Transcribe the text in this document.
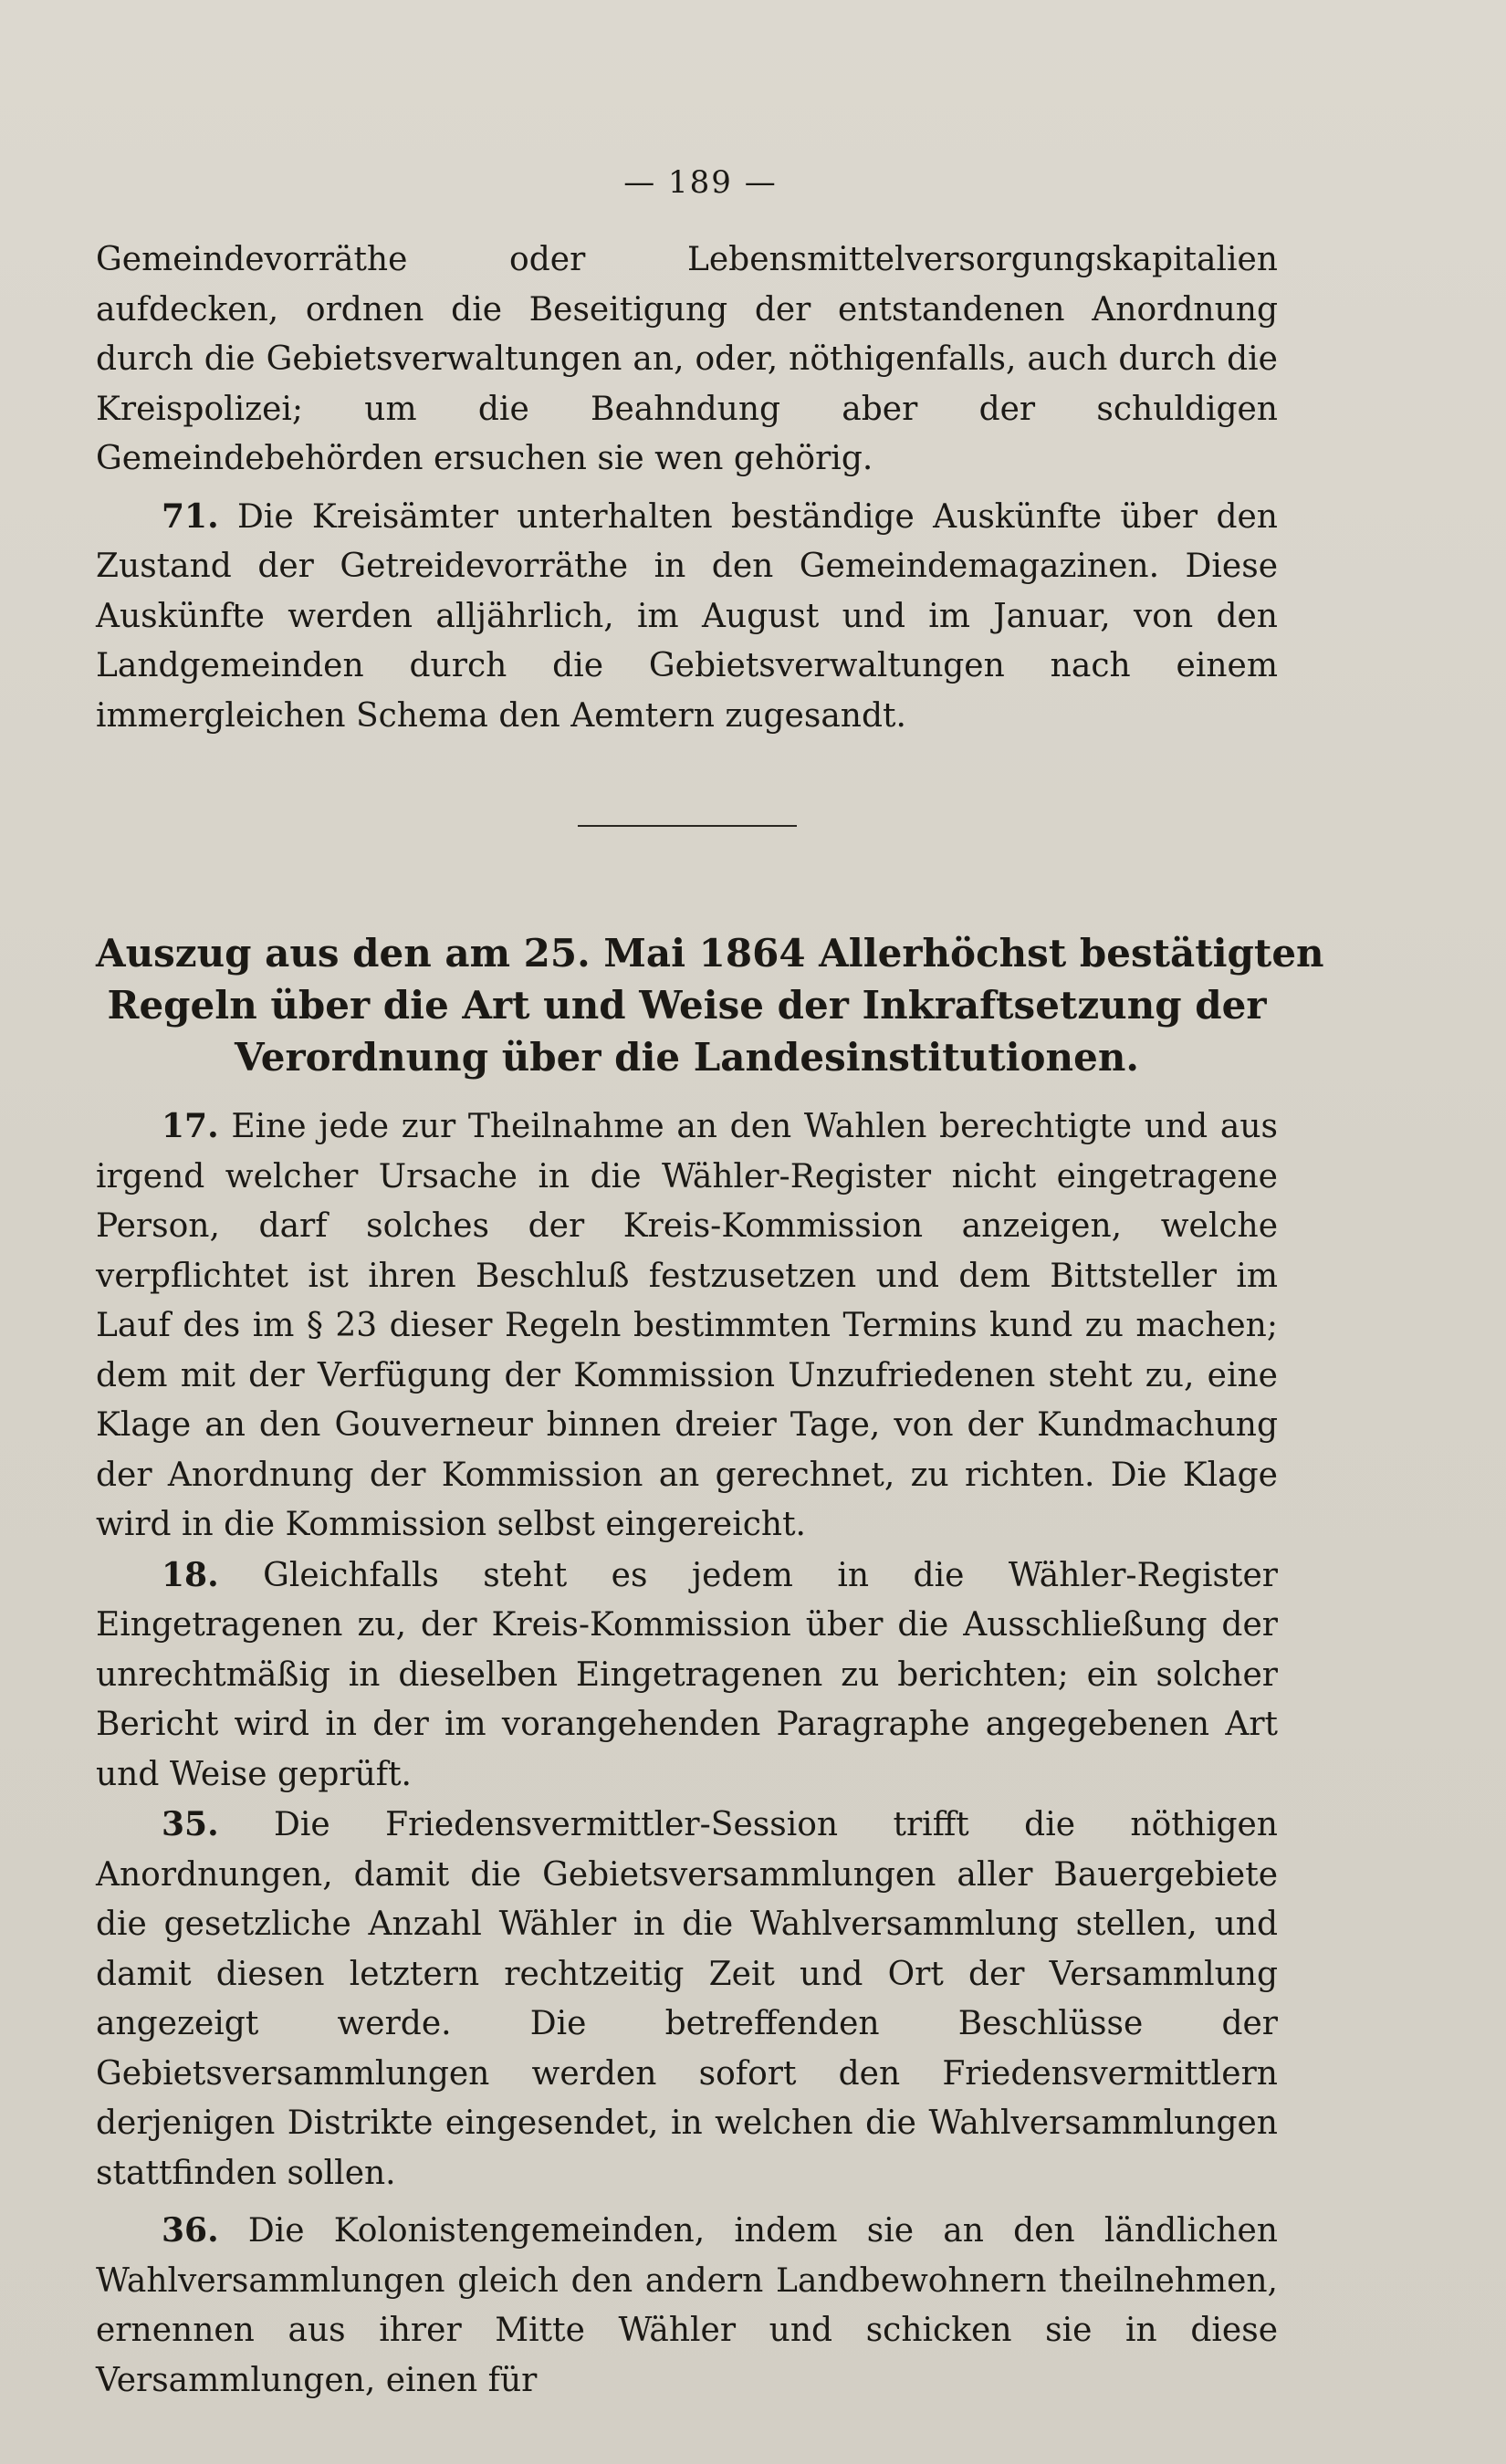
— 189 —

Gemeindevorräthe oder Lebensmittelversorgungskapitalien aufdecken, ordnen die Beseitigung der entstandenen Anordnung durch die Gebietsverwaltungen an, oder, nöthigenfalls, auch durch die Kreispolizei; um die Beahndung aber der schuldigen Gemeindebehörden ersuchen sie wen gehörig.

71. Die Kreisämter unterhalten beständige Auskünfte über den Zustand der Getreidevorräthe in den Gemeindemagazinen. Diese Auskünfte werden alljährlich, im August und im Januar, von den Landgemeinden durch die Gebietsverwaltungen nach einem immergleichen Schema den Aemtern zugesandt.

Auszug aus den am 25. Mai 1864 Allerhöchst bestätigten
Regeln über die Art und Weise der Inkraftsetzung der
Verordnung über die Landesinstitutionen.

17. Eine jede zur Theilnahme an den Wahlen berechtigte und aus irgend welcher Ursache in die Wähler-Register nicht eingetragene Person, darf solches der Kreis-Kommission anzeigen, welche verpflichtet ist ihren Beschluß festzusetzen und dem Bittsteller im Lauf des im § 23 dieser Regeln bestimmten Termins kund zu machen; dem mit der Verfügung der Kommission Unzufriedenen steht zu, eine Klage an den Gouverneur binnen dreier Tage, von der Kundmachung der Anordnung der Kommission an gerechnet, zu richten. Die Klage wird in die Kommission selbst eingereicht.

18. Gleichfalls steht es jedem in die Wähler-Register Eingetragenen zu, der Kreis-Kommission über die Ausschließung der unrechtmäßig in dieselben Eingetragenen zu berichten; ein solcher Bericht wird in der im vorangehenden Paragraphe angegebenen Art und Weise geprüft.

35. Die Friedensvermittler-Session trifft die nöthigen Anordnungen, damit die Gebietsversammlungen aller Bauergebiete die gesetzliche Anzahl Wähler in die Wahlversammlung stellen, und damit diesen letztern rechtzeitig Zeit und Ort der Versammlung angezeigt werde. Die betreffenden Beschlüsse der Gebietsversammlungen werden sofort den Friedensvermittlern derjenigen Distrikte eingesendet, in welchen die Wahlversammlungen stattfinden sollen.

36. Die Kolonistengemeinden, indem sie an den ländlichen Wahlversammlungen gleich den andern Landbewohnern theilnehmen, ernennen aus ihrer Mitte Wähler und schicken sie in diese Versammlungen, einen für
